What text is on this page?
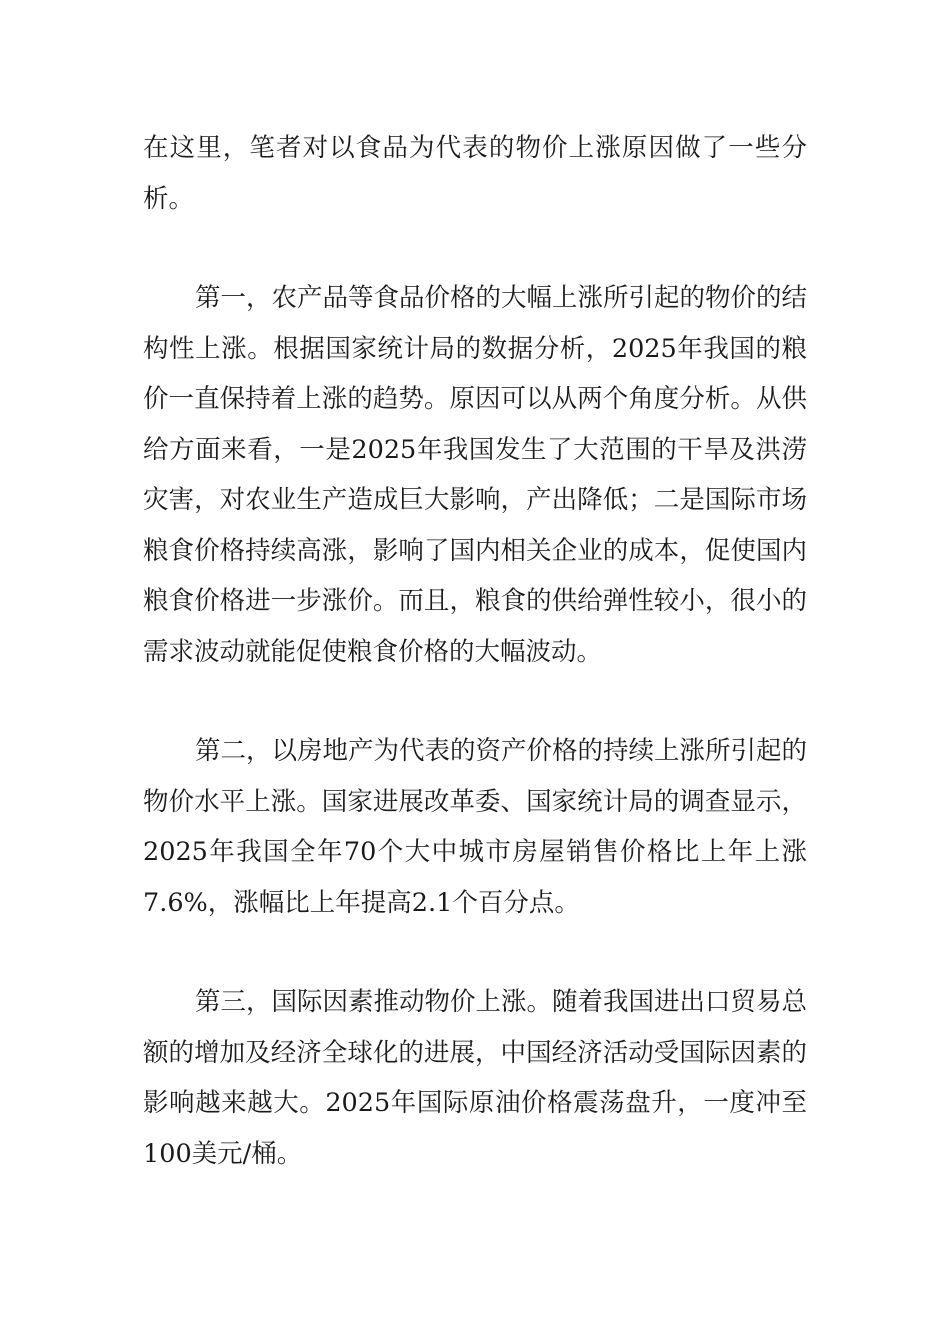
在这里，笔者对以食品为代表的物价上涨原因做了一些分析。

第一，农产品等食品价格的大幅上涨所引起的物价的结构性上涨。根据国家统计局的数据分析，2025年我国的粮价一直保持着上涨的趋势。原因可以从两个角度分析。从供给方面来看，一是2025年我国发生了大范围的干旱及洪涝灾害，对农业生产造成巨大影响，产出降低；二是国际市场粮食价格持续高涨，影响了国内相关企业的成本，促使国内粮食价格进一步涨价。而且，粮食的供给弹性较小，很小的需求波动就能促使粮食价格的大幅波动。

第二，以房地产为代表的资产价格的持续上涨所引起的物价水平上涨。国家进展改革委、国家统计局的调查显示，2025年我国全年70个大中城市房屋销售价格比上年上涨7.6%，涨幅比上年提高2.1个百分点。

第三，国际因素推动物价上涨。随着我国进出口贸易总额的增加及经济全球化的进展，中国经济活动受国际因素的影响越来越大。2025年国际原油价格震荡盘升，一度冲至100美元/桶。
